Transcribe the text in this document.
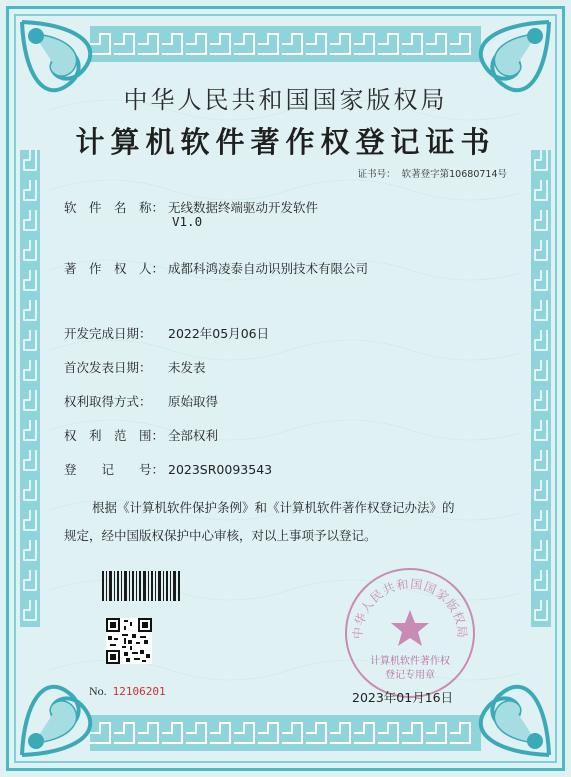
中华人民共和国国家版权局
计算机软件著作权登记证书
证书号： 软著登字第10680714号
软　件　名　称： 无线数据终端驱动开发软件
V1.0
著　作　权　人： 成都科鸿凌泰自动识别技术有限公司
开发完成日期： 2022年05月06日
首次发表日期： 未发表
权利取得方式： 原始取得
权　利　范　围： 全部权利
登　　记　　号： 2023SR0093543
根据《计算机软件保护条例》和《计算机软件著作权登记办法》的
规定，经中国版权保护中心审核，对以上事项予以登记。
No. 12106201
中华人民共和国国家版权局
计算机软件著作权
登记专用章
2023年01月16日
